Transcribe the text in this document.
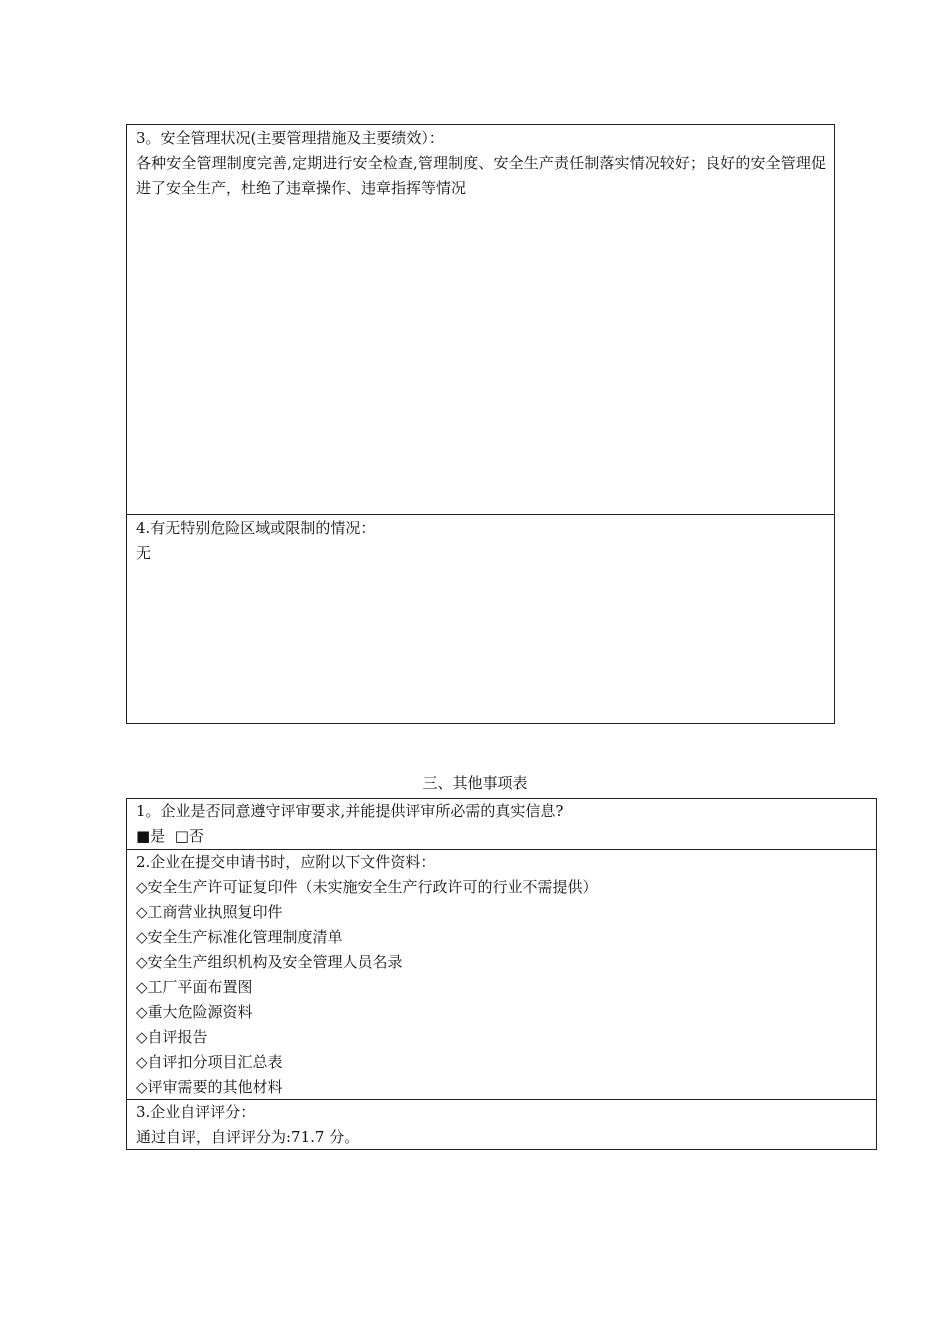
3。安全管理状况(主要管理措施及主要绩效）：
各种安全管理制度完善,定期进行安全检查,管理制度、安全生产责任制落实情况较好；良好的安全管理促进了安全生产，杜绝了违章操作、违章指挥等情况
4.有无特别危险区域或限制的情况：
无
三、其他事项表
1。企业是否同意遵守评审要求,并能提供评审所必需的真实信息?
■是 □否
2.企业在提交申请书时，应附以下文件资料：
◇安全生产许可证复印件（未实施安全生产行政许可的行业不需提供）
◇工商营业执照复印件
◇安全生产标准化管理制度清单
◇安全生产组织机构及安全管理人员名录
◇工厂平面布置图
◇重大危险源资料
◇自评报告
◇自评扣分项目汇总表
◇评审需要的其他材料
3.企业自评评分：
通过自评，自评评分为:71.7 分。
